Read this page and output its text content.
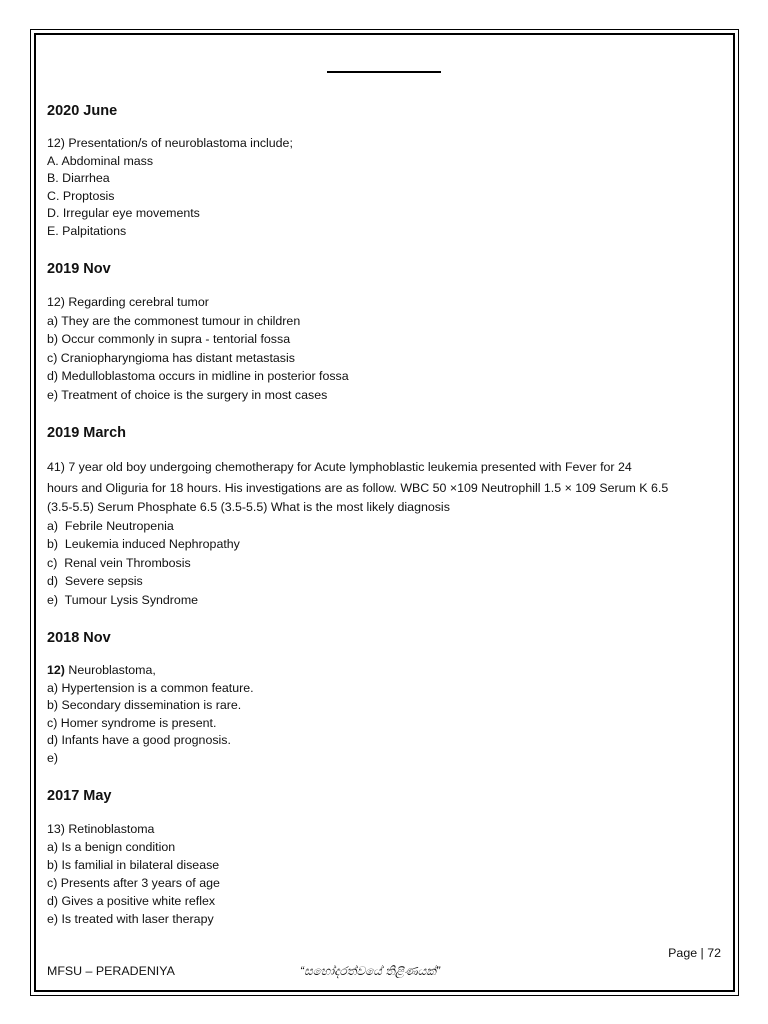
2020 June

12) Presentation/s of neuroblastoma include;

A. Abdominal mass

B. Diarrhea

C. Proptosis

D. Irregular eye movements

E. Palpitations

2019 Nov

12) Regarding cerebral tumor

a) They are the commonest tumour in children

b) Occur commonly in supra - tentorial fossa

c) Craniopharyngioma has distant metastasis

d) Medulloblastoma occurs in midline in posterior fossa

e) Treatment of choice is the surgery in most cases

2019 March

41) 7 year old boy undergoing chemotherapy for Acute lymphoblastic leukemia presented with Fever for 24

hours and Oliguria for 18 hours. His investigations are as follow. WBC 50 ×109 Neutrophill 1.5 × 109 Serum K 6.5

(3.5-5.5) Serum Phosphate 6.5 (3.5-5.5) What is the most likely diagnosis

a)  Febrile Neutropenia

b)  Leukemia induced Nephropathy

c)  Renal vein Thrombosis

d)  Severe sepsis

e)  Tumour Lysis Syndrome

2018 Nov

12) Neuroblastoma,

a) Hypertension is a common feature.

b) Secondary dissemination is rare.

c) Homer syndrome is present.

d) Infants have a good prognosis.

e)

2017 May

13) Retinoblastoma

a) Is a benign condition

b) Is familial in bilateral disease

c) Presents after 3 years of age

d) Gives a positive white reflex

e) Is treated with laser therapy

Page | 72
MFSU – PERADENIYA	“සහෝදරත්වයේ තිළිණයක්”
